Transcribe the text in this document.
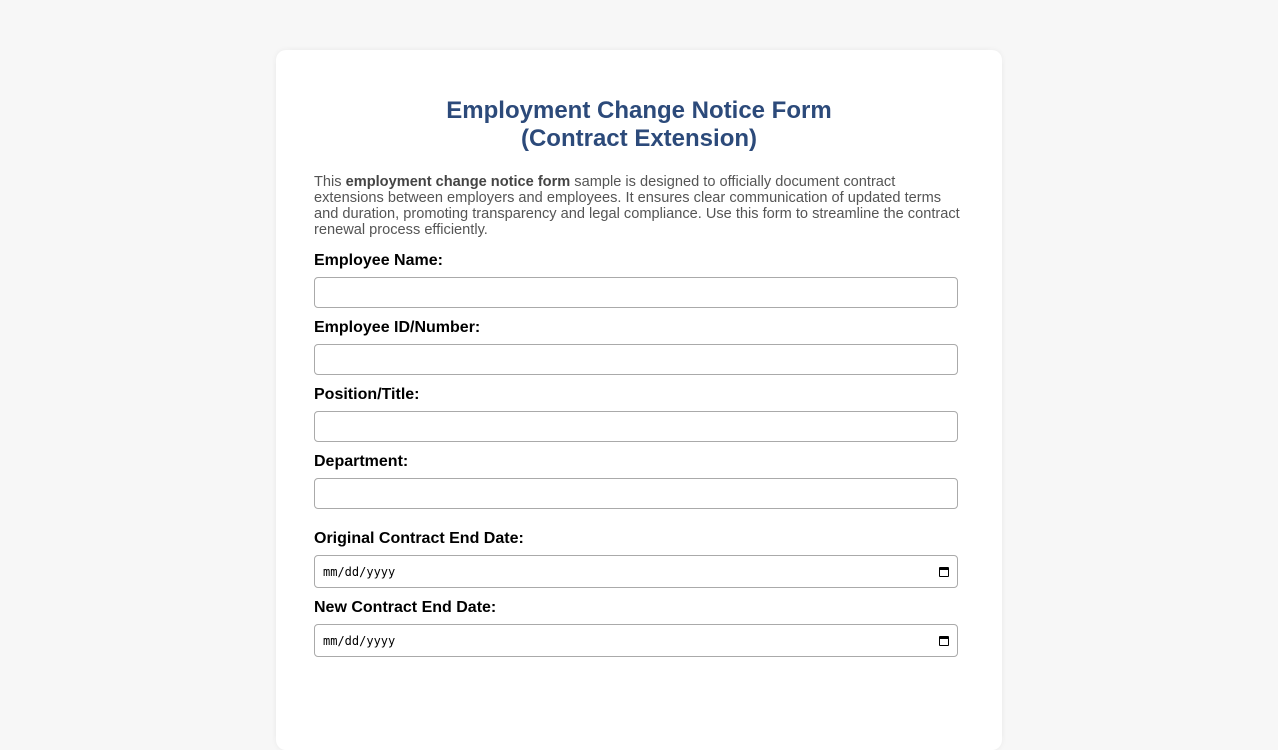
Employment Change Notice Form
(Contract Extension)

This employment change notice form sample is designed to officially document contract extensions between employers and employees. It ensures clear communication of updated terms and duration, promoting transparency and legal compliance. Use this form to streamline the contract renewal process efficiently.

Employee Name:
Employee ID/Number:
Position/Title:
Department:
Original Contract End Date:
mm/dd/yyyy
New Contract End Date:
mm/dd/yyyy
